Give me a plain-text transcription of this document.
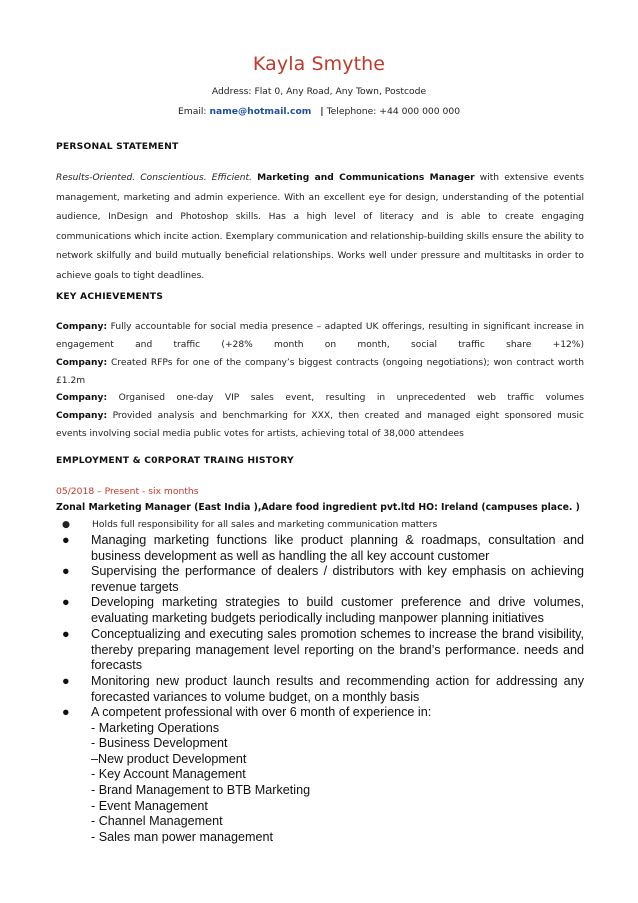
Kayla Smythe
Address: Flat 0, Any Road, Any Town, Postcode
Email: name@hotmail.com | Telephone: +44 000 000 000
PERSONAL STATEMENT
Results-Oriented. Conscientious. Efficient. Marketing and Communications Manager with extensive events management, marketing and admin experience. With an excellent eye for design, understanding of the potential audience, InDesign and Photoshop skills. Has a high level of literacy and is able to create engaging communications which incite action. Exemplary communication and relationship-building skills ensure the ability to network skilfully and build mutually beneficial relationships. Works well under pressure and multitasks in order to achieve goals to tight deadlines.
KEY ACHIEVEMENTS
Company: Fully accountable for social media presence – adapted UK offerings, resulting in significant increase in
engagement and traffic (+28% month on month, social traffic share +12%)
Company: Created RFPs for one of the company’s biggest contracts (ongoing negotiations); won contract worth
£1.2m
Company: Organised one-day VIP sales event, resulting in unprecedented web traffic volumes
Company: Provided analysis and benchmarking for XXX, then created and managed eight sponsored music
events involving social media public votes for artists, achieving total of 38,000 attendees
EMPLOYMENT & C0RPORAT TRAING HISTORY
05/2018 – Present - six months
Zonal Marketing Manager (East India ),Adare food ingredient pvt.ltd HO: Ireland (campuses place. )
● Holds full responsibility for all sales and marketing communication matters
● Managing marketing functions like product planning & roadmaps, consultation and business development as well as handling the all key account customer
● Supervising the performance of dealers / distributors with key emphasis on achieving revenue targets
● Developing marketing strategies to build customer preference and drive volumes, evaluating marketing budgets periodically including manpower planning initiatives
● Conceptualizing and executing sales promotion schemes to increase the brand visibility, thereby preparing management level reporting on the brand’s performance. needs and forecasts
● Monitoring new product launch results and recommending action for addressing any forecasted variances to volume budget, on a monthly basis
● A competent professional with over 6 month of experience in:
- Marketing Operations
- Business Development
–New product Development
- Key Account Management
- Brand Management to BTB Marketing
- Event Management
- Channel Management
- Sales man power management
